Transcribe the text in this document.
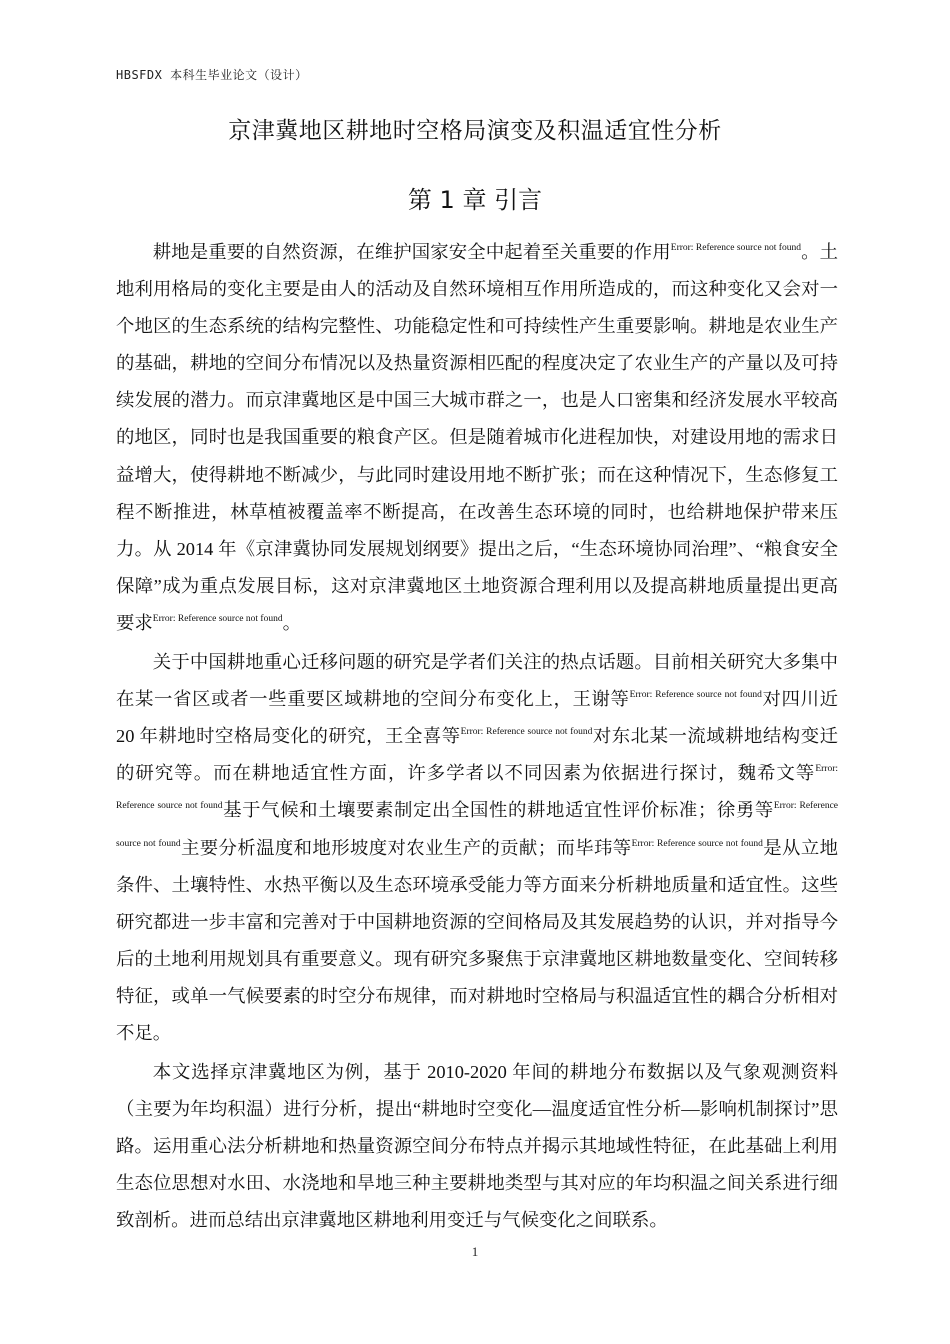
HBSFDX 本科生毕业论文（设计）
京津冀地区耕地时空格局演变及积温适宜性分析
第 1 章 引言

耕地是重要的自然资源，在维护国家安全中起着至关重要的作用$^{Error: Reference source not found}$。土地利用格局的变化主要是由人的活动及自然环境相互作用所造成的，而这种变化又会对一个地区的生态系统的结构完整性、功能稳定性和可持续性产生重要影响。耕地是农业生产的基础，耕地的空间分布情况以及热量资源相匹配的程度决定了农业生产的产量以及可持续发展的潜力。而京津冀地区是中国三大城市群之一，也是人口密集和经济发展水平较高的地区，同时也是我国重要的粮食产区。但是随着城市化进程加快，对建设用地的需求日益增大，使得耕地不断减少，与此同时建设用地不断扩张；而在这种情况下，生态修复工程不断推进，林草植被覆盖率不断提高，在改善生态环境的同时，也给耕地保护带来压力。从 2014 年《京津冀协同发展规划纲要》提出之后，“生态环境协同治理”、“粮食安全保障”成为重点发展目标，这对京津冀地区土地资源合理利用以及提高耕地质量提出更高要求$^{Error: Reference source not found}$。

关于中国耕地重心迁移问题的研究是学者们关注的热点话题。目前相关研究大多集中在某一省区或者一些重要区域耕地的空间分布变化上，王谢等$^{Error: Reference source not found}$对四川近 20 年耕地时空格局变化的研究，王全喜等$^{Error: Reference source not found}$对东北某一流域耕地结构变迁的研究等。而在耕地适宜性方面，许多学者以不同因素为依据进行探讨，魏希文等$^{Error: Reference source not found}$基于气候和土壤要素制定出全国性的耕地适宜性评价标准；徐勇等$^{Error: Reference source not found}$主要分析温度和地形坡度对农业生产的贡献；而毕玮等$^{Error: Reference source not found}$是从立地条件、土壤特性、水热平衡以及生态环境承受能力等方面来分析耕地质量和适宜性。这些研究都进一步丰富和完善对于中国耕地资源的空间格局及其发展趋势的认识，并对指导今后的土地利用规划具有重要意义。现有研究多聚焦于京津冀地区耕地数量变化、空间转移特征，或单一气候要素的时空分布规律，而对耕地时空格局与积温适宜性的耦合分析相对不足。

本文选择京津冀地区为例，基于 2010-2020 年间的耕地分布数据以及气象观测资料（主要为年均积温）进行分析，提出“耕地时空变化—温度适宜性分析—影响机制探讨”思路。运用重心法分析耕地和热量资源空间分布特点并揭示其地域性特征，在此基础上利用生态位思想对水田、水浇地和旱地三种主要耕地类型与其对应的年均积温之间关系进行细致剖析。进而总结出京津冀地区耕地利用变迁与气候变化之间联系。

1
